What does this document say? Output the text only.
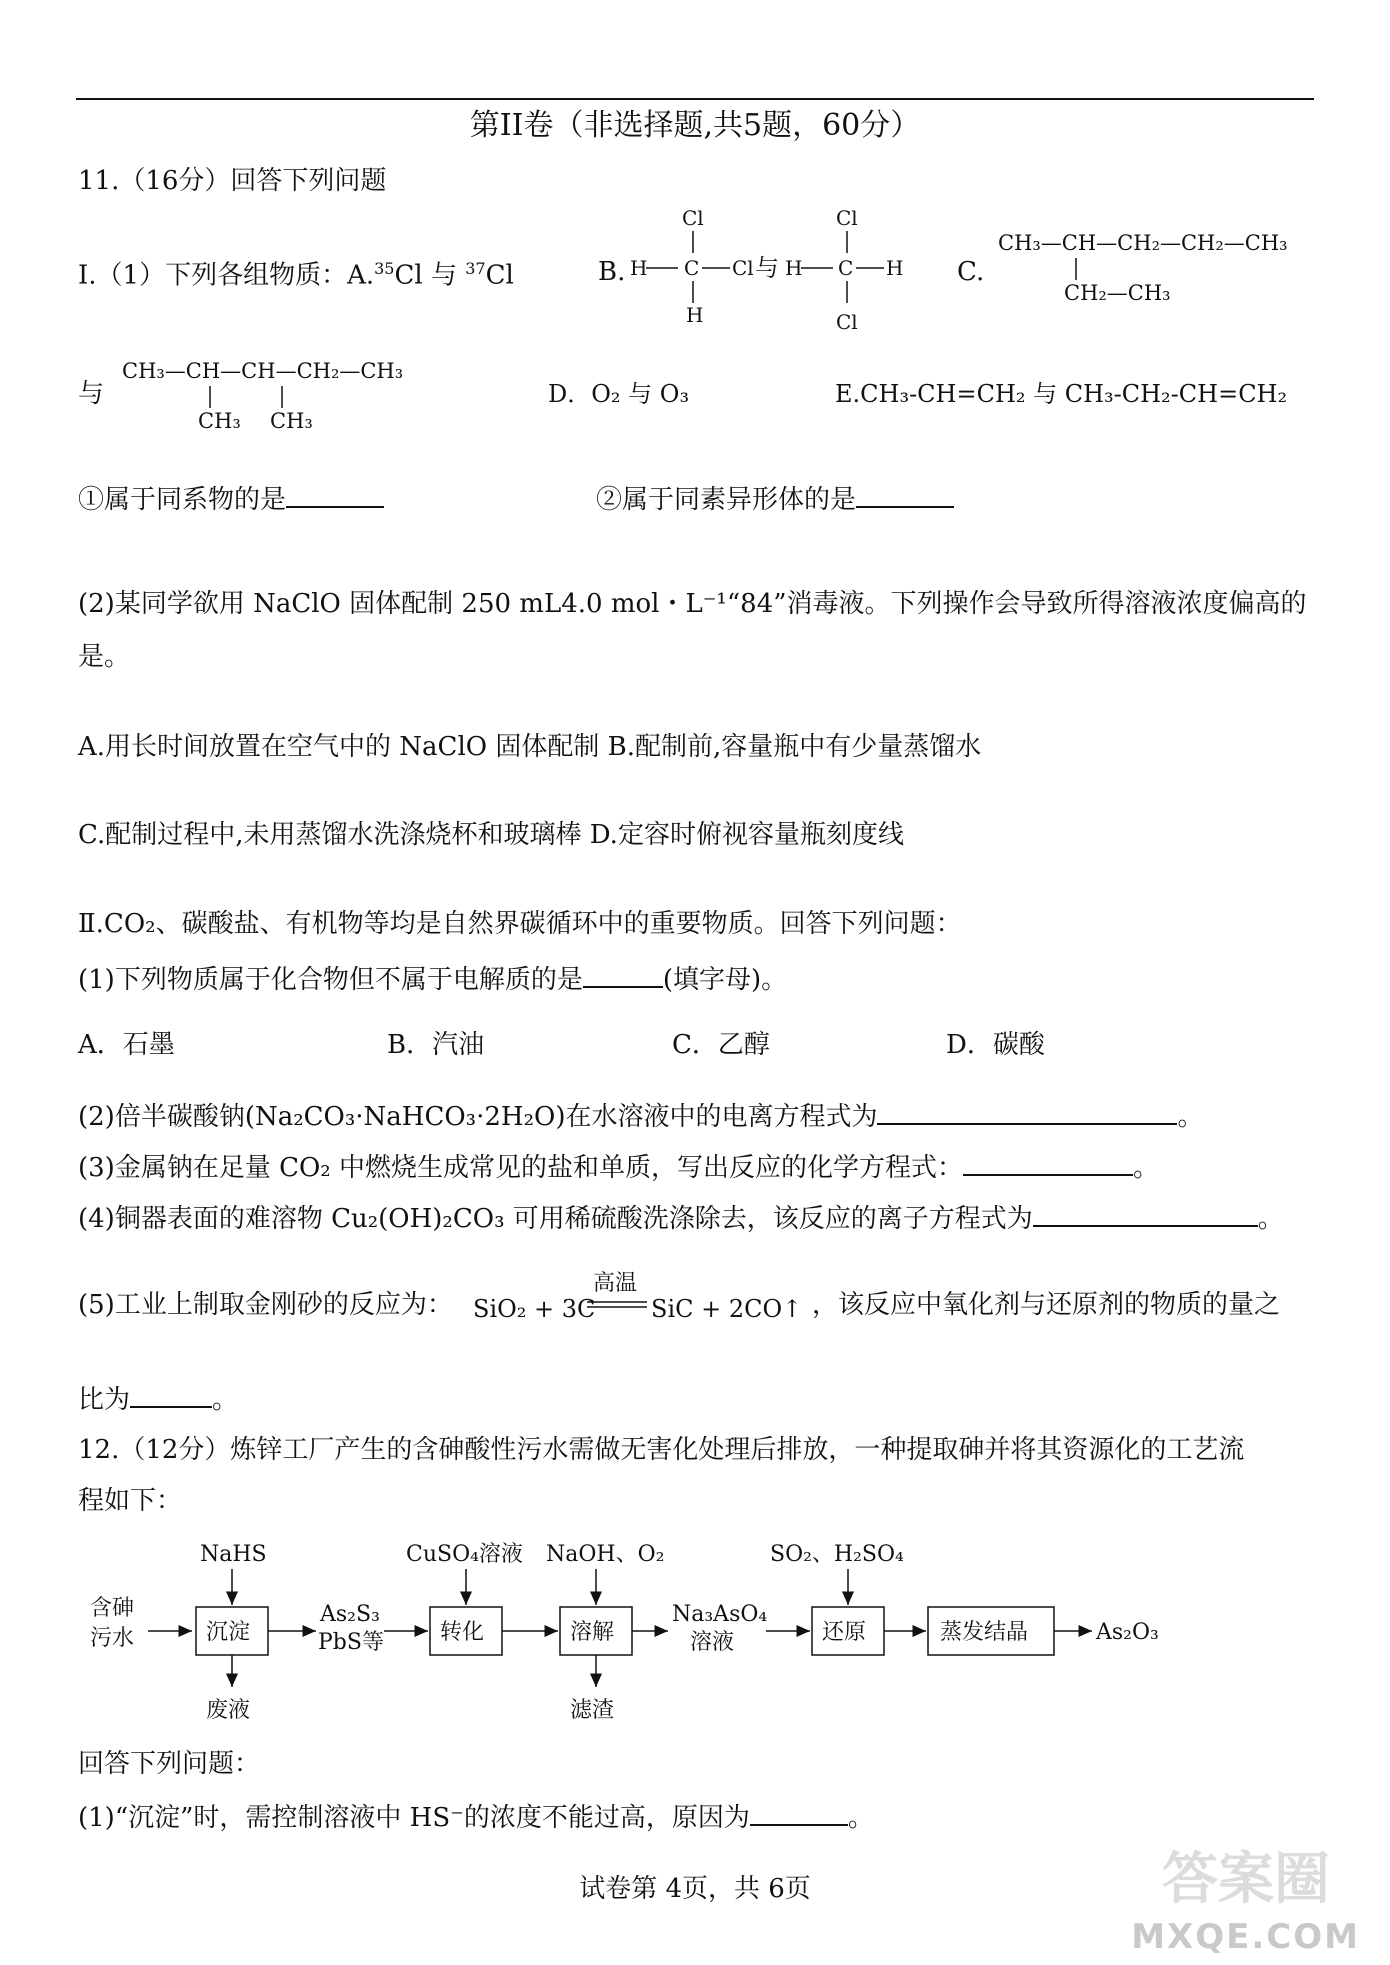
第II卷（非选择题,共5题，60分）
11.（16分）回答下列问题
Ⅰ.（1）下列各组物质：A.$^{35}$Cl 与 $^{37}$Cl	B.
Cl
H C Cl
H
与
Cl
H C H
Cl
C.
CH₃—CH—CH₂—CH₂—CH₃
CH₂—CH₃
与
CH₃—CH—CH—CH₂—CH₃
CH₃ CH₃
D．O₂ 与 O₃	E.CH₃-CH=CH₂ 与 CH₃-CH₂-CH=CH₂
①属于同系物的是	②属于同素异形体的是
(2)某同学欲用 NaClO 固体配制 250 mL4.0 mol・L⁻¹“84”消毒液。下列操作会导致所得溶液浓度偏高的
是。
A.用长时间放置在空气中的 NaClO 固体配制 B.配制前,容量瓶中有少量蒸馏水
C.配制过程中,未用蒸馏水洗涤烧杯和玻璃棒 D.定容时俯视容量瓶刻度线
Ⅱ.CO₂、碳酸盐、有机物等均是自然界碳循环中的重要物质。回答下列问题：
(1)下列物质属于化合物但不属于电解质的是	(填字母)。
A．石墨	B．汽油	C．乙醇	D．碳酸
(2)倍半碳酸钠(Na₂CO₃·NaHCO₃·2H₂O)在水溶液中的电离方程式为	。
(3)金属钠在足量 CO₂ 中燃烧生成常见的盐和单质，写出反应的化学方程式：	。
(4)铜器表面的难溶物 Cu₂(OH)₂CO₃ 可用稀硫酸洗涤除去，该反应的离子方程式为	。
(5)工业上制取金刚砂的反应为： SiO₂ + 3C
高温
SiC + 2CO↑ ，该反应中氧化剂与还原剂的物质的量之
比为	。
12.（12分）炼锌工厂产生的含砷酸性污水需做无害化处理后排放，一种提取砷并将其资源化的工艺流
程如下：
含砷
污水
NaHS
沉淀
废液
As₂S₃
PbS等
CuSO₄溶液
转化
NaOH、O₂
溶解
滤渣
Na₃AsO₄
溶液
SO₂、H₂SO₄
还原	蒸发结晶	As₂O₃
回答下列问题：
(1)“沉淀”时，需控制溶液中 HS⁻的浓度不能过高，原因为	。
试卷第 4页，共 6页	答案圈
MXQE.COM
